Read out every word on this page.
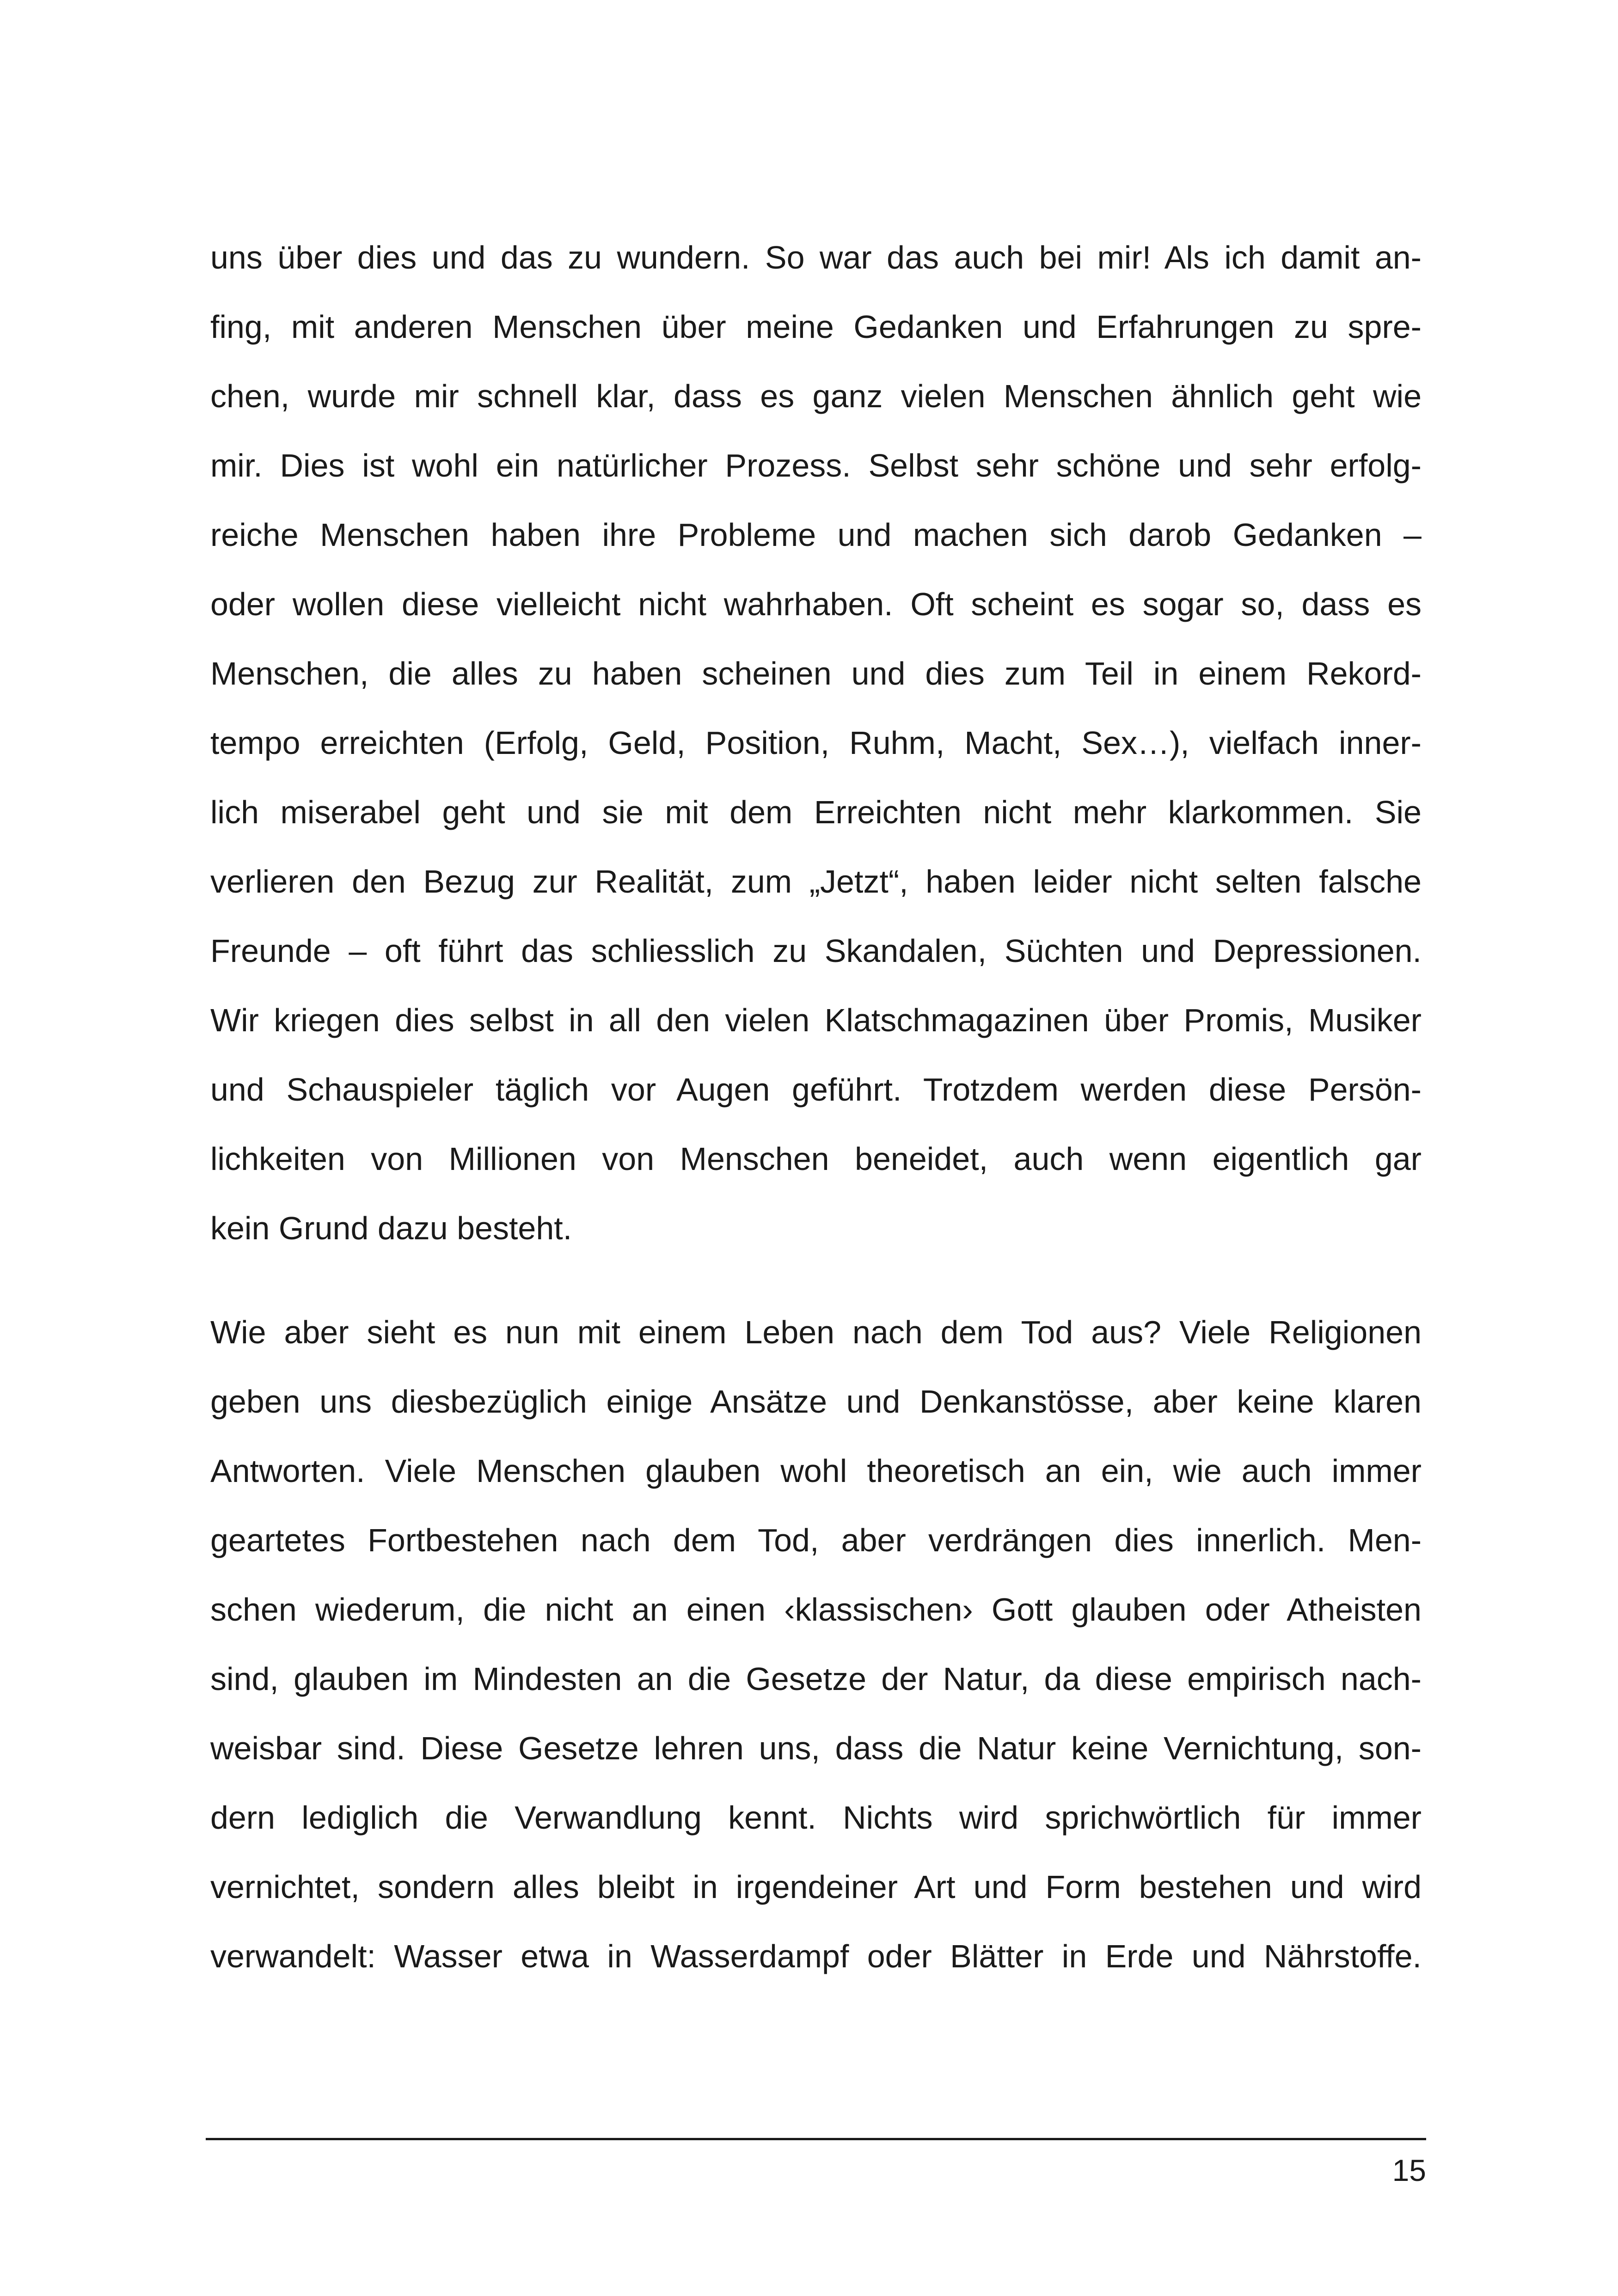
uns über dies und das zu wundern. So war das auch bei mir! Als ich damit an-
fing, mit anderen Menschen über meine Gedanken und Erfahrungen zu spre-
chen, wurde mir schnell klar, dass es ganz vielen Menschen ähnlich geht wie
mir. Dies ist wohl ein natürlicher Prozess. Selbst sehr schöne und sehr erfolg-
reiche Menschen haben ihre Probleme und machen sich darob Gedanken –
oder wollen diese vielleicht nicht wahrhaben. Oft scheint es sogar so, dass es
Menschen, die alles zu haben scheinen und dies zum Teil in einem Rekord-
tempo erreichten (Erfolg, Geld, Position, Ruhm, Macht, Sex…), vielfach inner-
lich miserabel geht und sie mit dem Erreichten nicht mehr klarkommen. Sie
verlieren den Bezug zur Realität, zum „Jetzt“, haben leider nicht selten falsche
Freunde – oft führt das schliesslich zu Skandalen, Süchten und Depressionen.
Wir kriegen dies selbst in all den vielen Klatschmagazinen über Promis, Musiker
und Schauspieler täglich vor Augen geführt. Trotzdem werden diese Persön-
lichkeiten von Millionen von Menschen beneidet, auch wenn eigentlich gar
kein Grund dazu besteht.
Wie aber sieht es nun mit einem Leben nach dem Tod aus? Viele Religionen
geben uns diesbezüglich einige Ansätze und Denkanstösse, aber keine klaren
Antworten. Viele Menschen glauben wohl theoretisch an ein, wie auch immer
geartetes Fortbestehen nach dem Tod, aber verdrängen dies innerlich. Men-
schen wiederum, die nicht an einen ‹klassischen› Gott glauben oder Atheisten
sind, glauben im Mindesten an die Gesetze der Natur, da diese empirisch nach-
weisbar sind. Diese Gesetze lehren uns, dass die Natur keine Vernichtung, son-
dern lediglich die Verwandlung kennt. Nichts wird sprichwörtlich für immer
vernichtet, sondern alles bleibt in irgendeiner Art und Form bestehen und wird
verwandelt: Wasser etwa in Wasserdampf oder Blätter in Erde und Nährstoffe.
15
